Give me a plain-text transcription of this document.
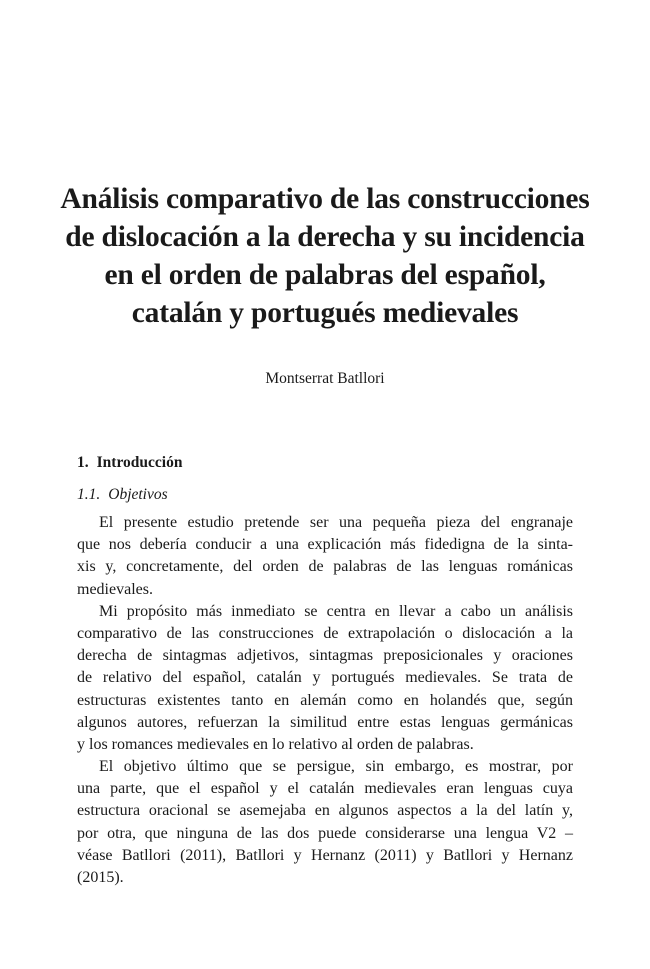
Análisis comparativo de las construcciones
de dislocación a la derecha y su incidencia
en el orden de palabras del español,
catalán y portugués medievales
Montserrat Batllori
1. Introducción
1.1. Objetivos
El presente estudio pretende ser una pequeña pieza del engranaje
que nos debería conducir a una explicación más fidedigna de la sinta-
xis y, concretamente, del orden de palabras de las lenguas románicas
medievales.
Mi propósito más inmediato se centra en llevar a cabo un análisis
comparativo de las construcciones de extrapolación o dislocación a la
derecha de sintagmas adjetivos, sintagmas preposicionales y oraciones
de relativo del español, catalán y portugués medievales. Se trata de
estructuras existentes tanto en alemán como en holandés que, según
algunos autores, refuerzan la similitud entre estas lenguas germánicas
y los romances medievales en lo relativo al orden de palabras.
El objetivo último que se persigue, sin embargo, es mostrar, por
una parte, que el español y el catalán medievales eran lenguas cuya
estructura oracional se asemejaba en algunos aspectos a la del latín y,
por otra, que ninguna de las dos puede considerarse una lengua V2 –
véase Batllori (2011), Batllori y Hernanz (2011) y Batllori y Hernanz
(2015).
